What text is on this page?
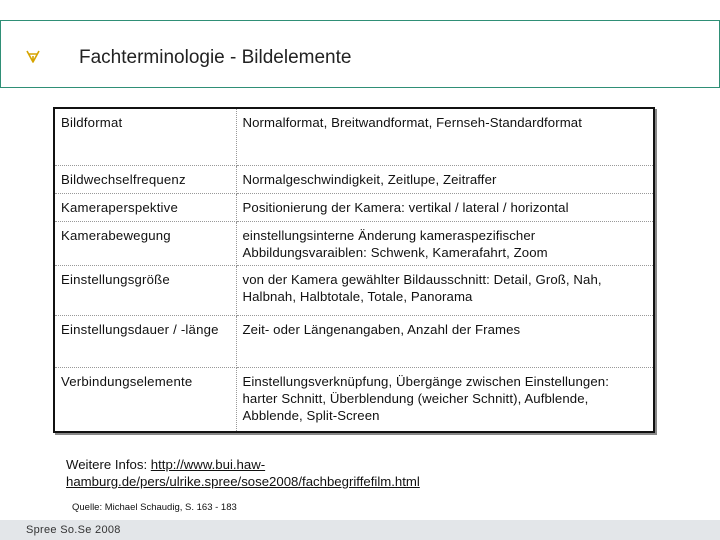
Fachterminologie - Bildelemente
Bildformat	Normalformat, Breitwandformat, Fernseh-Standardformat
Bildwechselfrequenz	Normalgeschwindigkeit, Zeitlupe, Zeitraffer
Kameraperspektive	Positionierung der Kamera: vertikal / lateral / horizontal
Kamerabewegung	einstellungsinterne Änderung kameraspezifischer Abbildungsvaraiblen: Schwenk, Kamerafahrt, Zoom
Einstellungsgröße	von der Kamera gewählter Bildausschnitt: Detail, Groß, Nah, Halbnah, Halbtotale, Totale, Panorama
Einstellungsdauer / -länge	Zeit- oder Längenangaben, Anzahl der Frames
Verbindungselemente	Einstellungsverknüpfung, Übergänge zwischen Einstellungen: harter Schnitt, Überblendung (weicher Schnitt), Aufblende, Abblende, Split-Screen
Weitere Infos: http://www.bui.haw-hamburg.de/pers/ulrike.spree/sose2008/fachbegriffefilm.html
Quelle: Michael Schaudig, S. 163 - 183
Spree So.Se 2008
